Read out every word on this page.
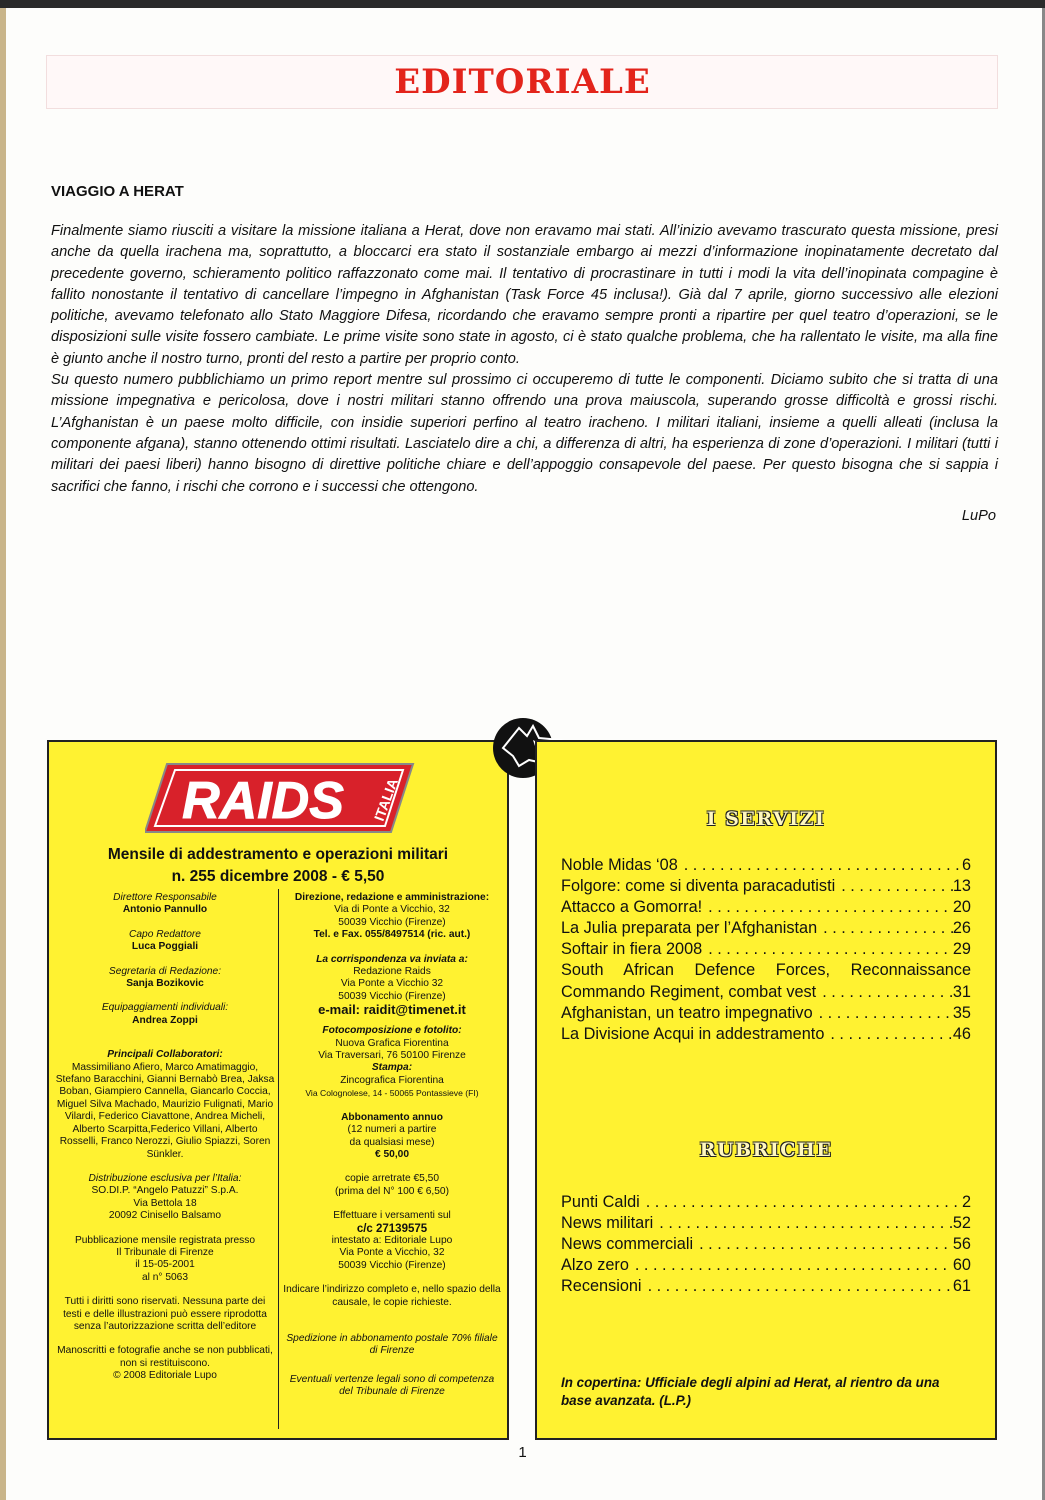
EDITORIALE
VIAGGIO A HERAT

Finalmente siamo riusciti a visitare la missione italiana a Herat, dove non eravamo mai stati. All’inizio avevamo trascurato questa missione, presi anche da quella irachena ma, soprattutto, a bloccarci era stato il sostanziale embargo ai mezzi d’informazione inopinatamente decretato dal precedente governo, schieramento politico raffazzonato come mai. Il tentativo di procrastinare in tutti i modi la vita dell’inopinata compagine è fallito nonostante il tentativo di cancellare l’impegno in Afghanistan (Task Force 45 inclusa!). Già dal 7 aprile, giorno successivo alle elezioni politiche, avevamo telefonato allo Stato Maggiore Difesa, ricordando che eravamo sempre pronti a ripartire per quel teatro d’operazioni, se le disposizioni sulle visite fossero cambiate. Le prime visite sono state in agosto, ci è stato qualche problema, che ha rallentato le visite, ma alla fine è giunto anche il nostro turno, pronti del resto a partire per proprio conto.

Su questo numero pubblichiamo un primo report mentre sul prossimo ci occuperemo di tutte le componenti. Diciamo subito che si tratta di una missione impegnativa e pericolosa, dove i nostri militari stanno offrendo una prova maiuscola, superando grosse difficoltà e grossi rischi. L’Afghanistan è un paese molto difficile, con insidie superiori perfino al teatro iracheno. I militari italiani, insieme a quelli alleati (inclusa la componente afgana), stanno ottenendo ottimi risultati. Lasciatelo dire a chi, a differenza di altri, ha esperienza di zone d’operazioni. I militari (tutti i militari dei paesi liberi) hanno bisogno di direttive politiche chiare e dell’appoggio consapevole del paese. Per questo bisogna che si sappia i sacrifici che fanno, i rischi che corrono e i successi che ottengono.

LuPo
RAIDS ITALIA
Mensile di addestramento e operazioni militari
n. 255 dicembre 2008 - € 5,50
Direttore Responsabile
Antonio Pannullo
Capo Redattore
Luca Poggiali
Segretaria di Redazione:
Sanja Bozikovic
Equipaggiamenti individuali:
Andrea Zoppi
Principali Collaboratori:
Massimiliano Afiero, Marco Amatimaggio, Stefano Baracchini, Gianni Bernabò Brea, Jaksa Boban, Giampiero Cannella, Giancarlo Coccia, Miguel Silva Machado, Maurizio Fulignati, Mario Vilardi, Federico Ciavattone, Andrea Micheli, Alberto Scarpitta,Federico Villani, Alberto Rosselli, Franco Nerozzi, Giulio Spiazzi, Soren Sünkler.
Distribuzione esclusiva per l’Italia:
SO.DI.P. “Angelo Patuzzi” S.p.A.
Via Bettola 18
20092 Cinisello Balsamo
Pubblicazione mensile registrata presso
Il Tribunale di Firenze
il 15-05-2001
al n° 5063
Tutti i diritti sono riservati. Nessuna parte dei testi e delle illustrazioni può essere riprodotta senza l’autorizzazione scritta dell’editore
Manoscritti e fotografie anche se non pubblicati, non si restituiscono.
© 2008 Editoriale Lupo
Direzione, redazione e amministrazione:
Via di Ponte a Vicchio, 32
50039 Vicchio (Firenze)
Tel. e Fax. 055/8497514 (ric. aut.)
La corrispondenza va inviata a:
Redazione Raids
Via Ponte a Vicchio 32
50039 Vicchio (Firenze)
e-mail: raidit@timenet.it
Fotocomposizione e fotolito:
Nuova Grafica Fiorentina
Via Traversari, 76 50100 Firenze
Stampa:
Zincografica Fiorentina
Via Colognolese, 14 - 50065 Pontassieve (FI)
Abbonamento annuo
(12 numeri a partire
da qualsiasi mese)
€ 50,00
copie arretrate €5,50
(prima del N° 100 € 6,50)
Effettuare i versamenti sul
c/c 27139575
intestato a: Editoriale Lupo
Via Ponte a Vicchio, 32
50039 Vicchio (Firenze)
Indicare l’indirizzo completo e, nello spazio della causale, le copie richieste.
Spedizione in abbonamento postale 70% filiale di Firenze
Eventuali vertenze legali sono di competenza del Tribunale di Firenze
I SERVIZI
Noble Midas ‘08 . . .	6
Folgore: come si diventa paracadutisti . . .	13
Attacco a Gomorra! . . .	20
La Julia preparata per l’Afghanistan . . .	26
Softair in fiera 2008 . . .	29
South African Defence Forces, Reconnaissance
Commando Regiment, combat vest . . .	31
Afghanistan, un teatro impegnativo . . .	35
La Divisione Acqui in addestramento . . .	46
RUBRICHE
Punti Caldi . . .	2
News militari . . .	52
News commerciali . . .	56
Alzo zero . . .	60
Recensioni . . .	61
In copertina: Ufficiale degli alpini ad Herat, al rientro da una base avanzata. (L.P.)
1
